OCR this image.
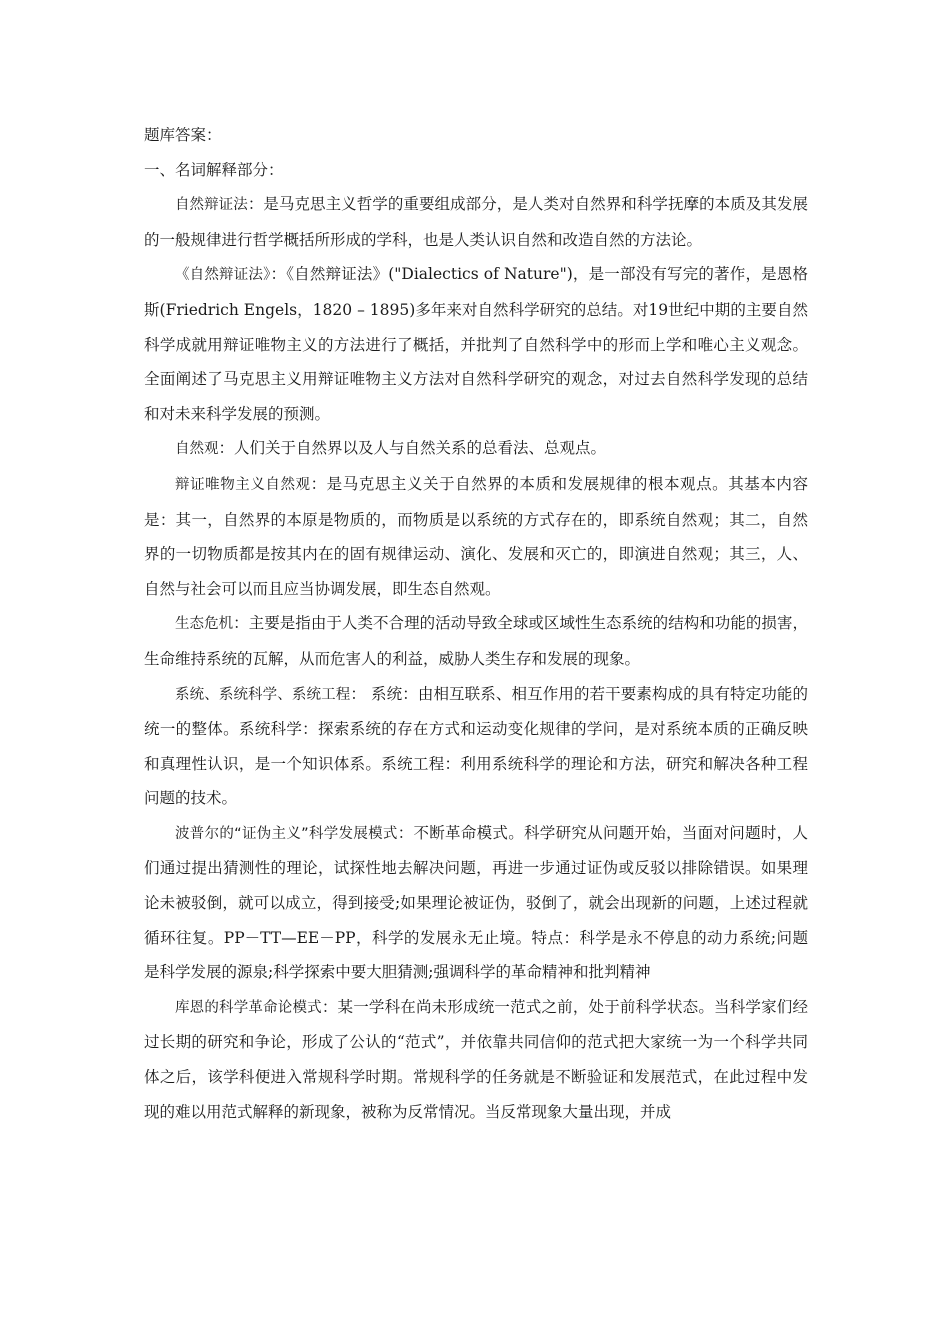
题库答案：

一、名词解释部分：

自然辩证法：是马克思主义哲学的重要组成部分，是人类对自然界和科学抚摩的本质及其发展的一般规律进行哲学概括所形成的学科，也是人类认识自然和改造自然的方法论。

《自然辩证法》：《自然辩证法》("Dialectics of Nature")，是一部没有写完的著作，是恩格斯(Friedrich Engels，1820 – 1895)多年来对自然科学研究的总结。对19世纪中期的主要自然科学成就用辩证唯物主义的方法进行了概括，并批判了自然科学中的形而上学和唯心主义观念。全面阐述了马克思主义用辩证唯物主义方法对自然科学研究的观念，对过去自然科学发现的总结和对未来科学发展的预测。

自然观：人们关于自然界以及人与自然关系的总看法、总观点。

辩证唯物主义自然观：是马克思主义关于自然界的本质和发展规律的根本观点。其基本内容是：其一，自然界的本原是物质的，而物质是以系统的方式存在的，即系统自然观；其二，自然界的一切物质都是按其内在的固有规律运动、演化、发展和灭亡的，即演进自然观；其三，人、自然与社会可以而且应当协调发展，即生态自然观。

生态危机：主要是指由于人类不合理的活动导致全球或区域性生态系统的结构和功能的损害，生命维持系统的瓦解，从而危害人的利益，威胁人类生存和发展的现象。

系统、系统科学、系统工程： 系统：由相互联系、相互作用的若干要素构成的具有特定功能的统一的整体。系统科学：探索系统的存在方式和运动变化规律的学问，是对系统本质的正确反映和真理性认识，是一个知识体系。系统工程：利用系统科学的理论和方法，研究和解决各种工程问题的技术。

波普尔的“证伪主义”科学发展模式：不断革命模式。科学研究从问题开始，当面对问题时，人们通过提出猜测性的理论，试探性地去解决问题，再进一步通过证伪或反驳以排除错误。如果理论未被驳倒，就可以成立，得到接受;如果理论被证伪，驳倒了，就会出现新的问题，上述过程就循环往复。PP－TT—EE－PP，科学的发展永无止境。特点：科学是永不停息的动力系统;问题是科学发展的源泉;科学探索中要大胆猜测;强调科学的革命精神和批判精神

库恩的科学革命论模式：某一学科在尚未形成统一范式之前，处于前科学状态。当科学家们经过长期的研究和争论，形成了公认的“范式”，并依靠共同信仰的范式把大家统一为一个科学共同体之后，该学科便进入常规科学时期。常规科学的任务就是不断验证和发展范式，在此过程中发现的难以用范式解释的新现象，被称为反常情况。当反常现象大量出现，并成
